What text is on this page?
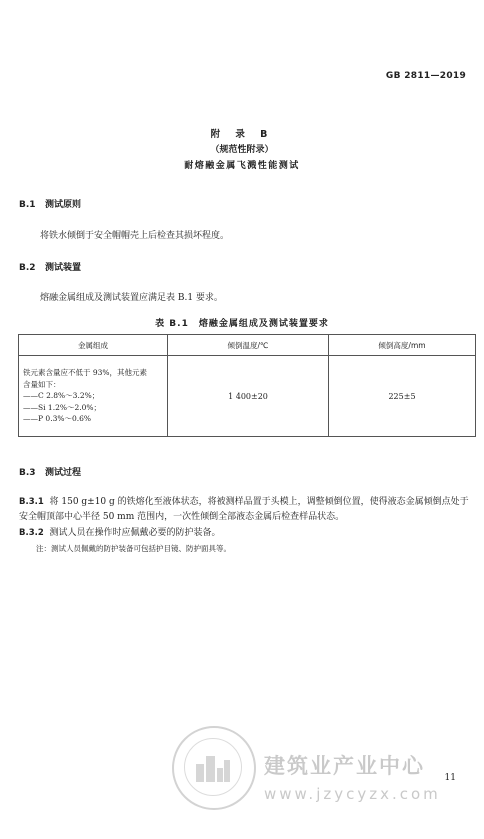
GB 2811—2019
附 录 B
（规范性附录）
耐熔融金属飞溅性能测试
B.1 测试原则
将铁水倾倒于安全帽帽壳上后检查其损坏程度。
B.2 测试装置
熔融金属组成及测试装置应满足表 B.1 要求。
表 B.1　熔融金属组成及测试装置要求
金属组成	倾倒温度/℃	倾倒高度/mm

铁元素含量应不低于 93%，其他元素
含量如下：
——C 2.8%～3.2%；
——Si 1.2%～2.0%；
——P 0.3%～0.6%	1 400±20	225±5
B.3 测试过程
B.3.1 将 150 g±10 g 的铁熔化至液体状态，将被测样品置于头模上，调整倾倒位置，使得液态金属倾倒点处于安全帽顶部中心半径 50 mm 范围内，一次性倾倒全部液态金属后检查样品状态。
B.3.2 测试人员在操作时应佩戴必要的防护装备。
注：测试人员佩戴的防护装备可包括护目镜、防护面具等。
建筑业产业中心
www.jzycyzx.com
11
